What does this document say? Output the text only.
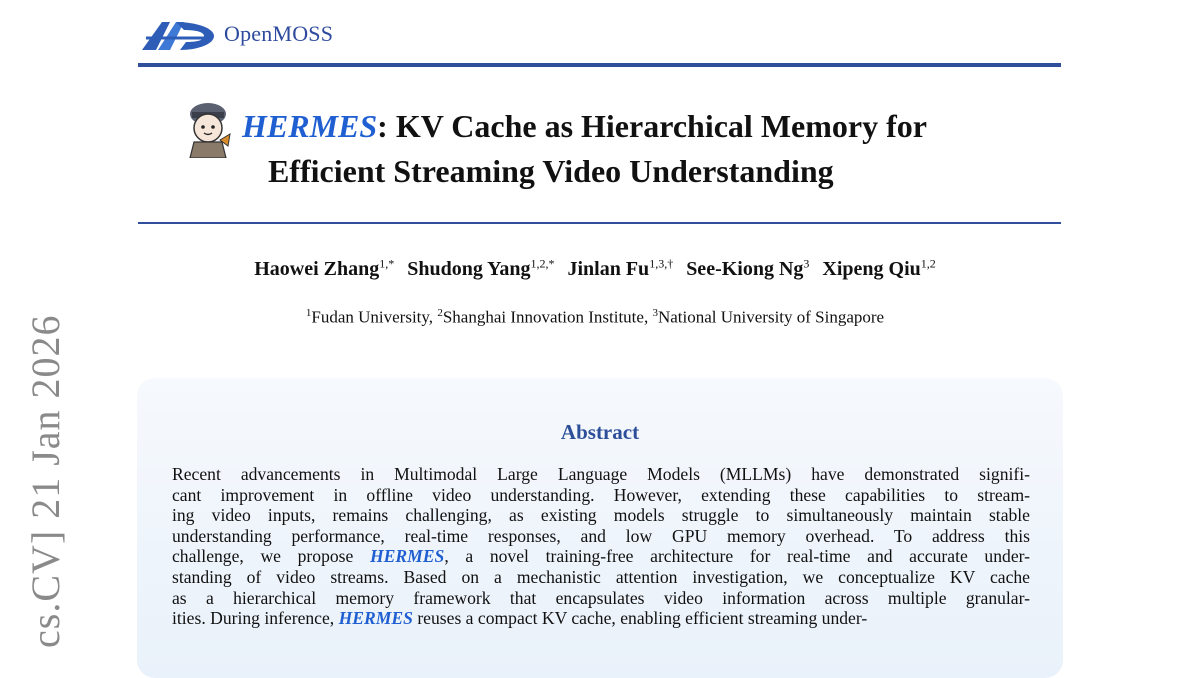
OpenMOSS
HERMES: KV Cache as Hierarchical Memory for
Efficient Streaming Video Understanding
Haowei Zhang$^{1,*}$ Shudong Yang$^{1,2,*}$ Jinlan $Fu^{1,3,\dagger}$ See-Kiong Ng$^3$ Xipeng Qiu$^{1,2}$
$^1$Fudan University, $^2$Shanghai Innovation Institute, $^3$National University of Singapore
cs.CV] 21 Jan 2026	Abstract
Recent advancements in Multimodal Large Language Models (MLLMs) have demonstrated signifi-
cant improvement in offline video understanding. However, extending these capabilities to stream-
ing video inputs, remains challenging, as existing models struggle to simultaneously maintain stable
understanding performance, real-time responses, and low GPU memory overhead. To address this
challenge, we propose HERMES, a novel training-free architecture for real-time and accurate under-
standing of video streams. Based on a mechanistic attention investigation, we conceptualize KV cache
as a hierarchical memory framework that encapsulates video information across multiple granular-
ities. During inference, HERMES reuses a compact KV cache, enabling efficient streaming under-
